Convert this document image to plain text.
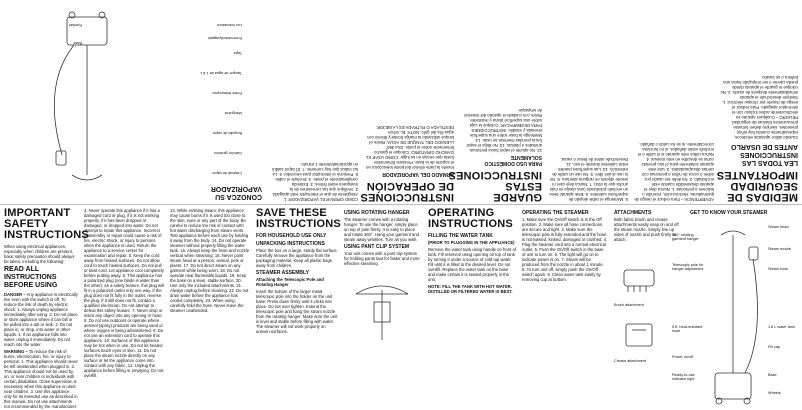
MEDIDAS DE SEGURIDAD IMPORTANTES
LEA TODAS LAS INSTRUCCIONES ANTES DE USARLO

Cuando utilice aparatos eléctricos, especialmente cuando hay niños presentes, siempre deben tomarse precauciones básicas de seguridad. PELIGRO – Cualquier aparato es eléctricamente activo incluso con el interruptor apagado. Para reducir el riesgo de muerte por choque eléctrico: 1. Siempre desenchufe el aparato inmediatamente después de usarlo. 2. No coloque ni guarde el aparato donde pueda caerse o ser empujado hacia una bañera o un lavabo.

ADVERTENCIA – Para reducir el riesgo de quemaduras, electrocución, incendio o lesiones a personas: 1. Nunca deje el aparato desatendido cuando esté enchufado. 2. No debe ser usado por, sobre o cerca de niños o personas con ciertas discapacidades. 3. Use este aparato solamente para el uso previsto como se describe en este manual. 4. Nunca utilice este aparato si el cable o el enchufe están dañados, si no funciona correctamente, si se ha caído o dañado.

5. Mantenga el cable alejado de superficies calientes. 6. Este aparato tiene un enchufe polarizado (una clavija es más ancha que la otra). 7. Nunca deje caer ni inserte objetos en ninguna abertura. 8. No lo use al aire libre. 9. No use un cable de extensión. 10. Las superficies pueden estar calientes durante el uso. 11. Desenchufe antes de llenar o vaciar.

GUARDE ESTAS INSTRUCCIONES
PARA USO DOMÉSTICO SOLAMENTE

12. No apunte el vapor hacia personas, animales o plantas. 13. No dirija el vapor hacia prendas mientras se usan. 14. Mantenga la base sobre una superficie nivelada y estable. INSTRUCCIONES PARA DESEMPACAR: Coloque la caja sobre una superficie plana y resistente. Retire con cuidado el aparato del material de empaque.

INSTRUCCIONES DE OPERACIÓN
ARMADO DEL VAPORIZADOR

Inserte la parte inferior del poste telescópico en el soporte de la base. Presione firmemente hasta que encaje en su lugar. CÓMO USAR EL GANCHO GIRATORIO: Coloque el gancho firmemente sobre el poste. Gira 360°. LLENADO DEL TANQUE DE AGUA: Retire el tanque utilizando la manija frontal y llénelo con agua fría del grifo. NOTA: EL AGUA DESTILADA O FILTRADA ES LA MEJOR.

CÓMO OPERAR EL VAPORIZADOR: 1. Asegúrese de que el interruptor esté apagado. 2. Verifique que las conexiones de la manguera estén firmes. 3. Extienda completamente el poste. 4. Enchufe el cable. 5. Presione el interruptor para encender. 6. La luz indica que hay corriente. 7. El vapor saldrá en aproximadamente 1 minuto.

CONOZCA SU VAPORIZADOR
Cabezal de vapor
Gancho giratorio
Boquilla de vapor
Manguera
Poste telescópico
Tanque de agua de 1.8 L
Tapa
Encendido/Apagado
Luz indicadora
Base
Ruedas
IMPORTANT SAFETY INSTRUCTIONS

When using electrical appliances, especially when children are present, basic safety precaution should always be taken, including the following:

READ ALL INSTRUCTIONS BEFORE USING

DANGER – Any appliance is electrically live even with the switch is off. To reduce the risk of death by electric shock: 1. Always unplug appliance immediately after using. 2. Do not place or store appliance where it can fall or be pulled into a tub or sink. 3. Do not place in, or drop, into water or other liquids. 4. If an appliance falls into water, unplug it immediately. Do not reach into the water.

WARNING – To reduce the risk of burns, electrocution, fire, or injury to persons: 1. This appliance should never be left unattended when plugged in. 2. This appliance should not be used by, on, or near children or individuals with certain disabilities. Close supervision is necessary when this appliance is used near children. 3. Use this appliance only for its intended use as described in this manual. Do not use attachments not recommended by the manufacturer.

4. Never operate this appliance if it has a damaged cord or plug, if it is not working properly, if it has been dropped or damaged, or dropped into water. Do not attempt to repair this appliance. Incorrect reassembly or repair could cause a risk of fire, electric shock, or injury to persons when the appliance is used. Return the appliance to a service center for examination and repair. 5. Keep the cord away from heated surfaces. Do not allow cord to touch heated surfaces. Do not pull or twist cord. Let appliance cool completely before putting away. 6. This appliance has a polarized plug (one blade is wider than the other). As a safety feature, this plug will fit in a polarized outlet only one way. If the plug does not fit fully in the outlet, reverse the plug. If it still does not fit, contact a qualified electrician. Do not attempt to defeat this safety feature. 7. Never drop or insert any object into any opening or hose. 8. Do not use outdoors or operate where aerosol (spray) products are being used or where oxygen is being administered. 9. Do not use an extension cord to operate this appliance. 10. Surfaces of this appliance may be hot when in use. Do not let heated surfaces touch eyes or skin. 11. Do not place the steam nozzle directly on any surface or let the appliance come into contact with any fabric. 12. Unplug the appliance before filling or emptying. Do not overfill.

13. While emitting steam, this appliance may cause burns if it is used too close to the skin, eyes or any part of the body. Be careful to reduce the risk of contact with hot water discharging from steam vents. Test appliance before each use by holding it away from the body. 14. Do not operate steamer without properly filling the water tank. 15. Always keep the hose and nozzle vertical when steaming. 16. Never point steam head at a person, animal, pets or plants. 17. Do not direct steam on any garment while being worn. 18. Do not operate near flammable liquids. 19. Keep the base on a level, stable surface. 20. Use only the included attachments. 21. Always unplug before cleaning. 22. Do not drain water before the appliance has cooled completely. 23. When using, carefully hold the hose. Never leave the steamer unattended.

SAVE THESE INSTRUCTIONS
FOR HOUSEHOLD USE ONLY
UNPACKING INSTRUCTIONS

Place the box on a large, sturdy flat surface. Carefully remove the appliance from the packaging material. Keep all plastic bags away from children.

STEAMER ASSEMBLY

Attaching the Telescopic Pole and Rotating Hanger

Insert the bottom of the larger metal telescopic pole into the holder on the unit base. Press down firmly until it clicks into place. Do not over tighten. Extend the telescopic pole and hang the steam nozzle from the rotating hanger. Make sure the unit is level and stable before filling with water. The steamer will not work properly on uneven surfaces.

USING ROTATING HANGER

The steamer comes with a rotating hanger. To use the hanger, simply place on top of pole firmly. It is easy to place and rotate 360°. Hang your garment and steam away wrinkles. Turn as you wish.

USING PANT CLIP SYSTEM

Your unit comes with a pant clip system for holding pants taut for faster and more effective steaming.

OPERATING INSTRUCTIONS
FILLING THE WATER TANK

(PRIOR TO PLUGGING IN THE APPLIANCE)

Remove the water tank using handle on front of tank. Fill reservoir using opening on top of tank by turning it under a source of cold tap water. Fill until it is filled to the desired level. Do not overfill. Replace the water tank on the base and make certain it is seated properly in the unit.

NOTE: FILL THE TANK WITH HOT WATER. DISTILLED OR FILTERED WATER IS BEST.

OPERATING THE STEAMER

1. Make sure the On/Off switch is in the Off position. 2. Make sure all hose connections are secure and tight. 3. Make sure the telescopic pole is fully extended and the hose is not twisted, kinked, damaged or crushed. 4. Plug the steamer cord into a normal electrical outlet. 5. Push the On/Off switch in the base of unit to turn on. 6. The light will go on to indicate power is on. 7. Steam will be produced from the nozzle in about 1 minute. 8. To turn unit off, simply push the On/Off switch again. 9. Clean water tank easily by removing cup at bottom.

ATTACHMENTS

Both fabric brush and crease attachments easily snap on and off the steam nozzle. Simply line up sides of nozzle and push firmly to attach.

Brush attachment
Crease attachment
GET TO KNOW YOUR STEAMER
Steam head
360° rotating garment hanger
Steam nozzle
Steam hose
Telescopic pole for hanger adjustment
5 ft. heat-resistant hose
1.8 L water tank
Fill cap
Power on/off
Ready-to-use indicator light
Base
Wheels
